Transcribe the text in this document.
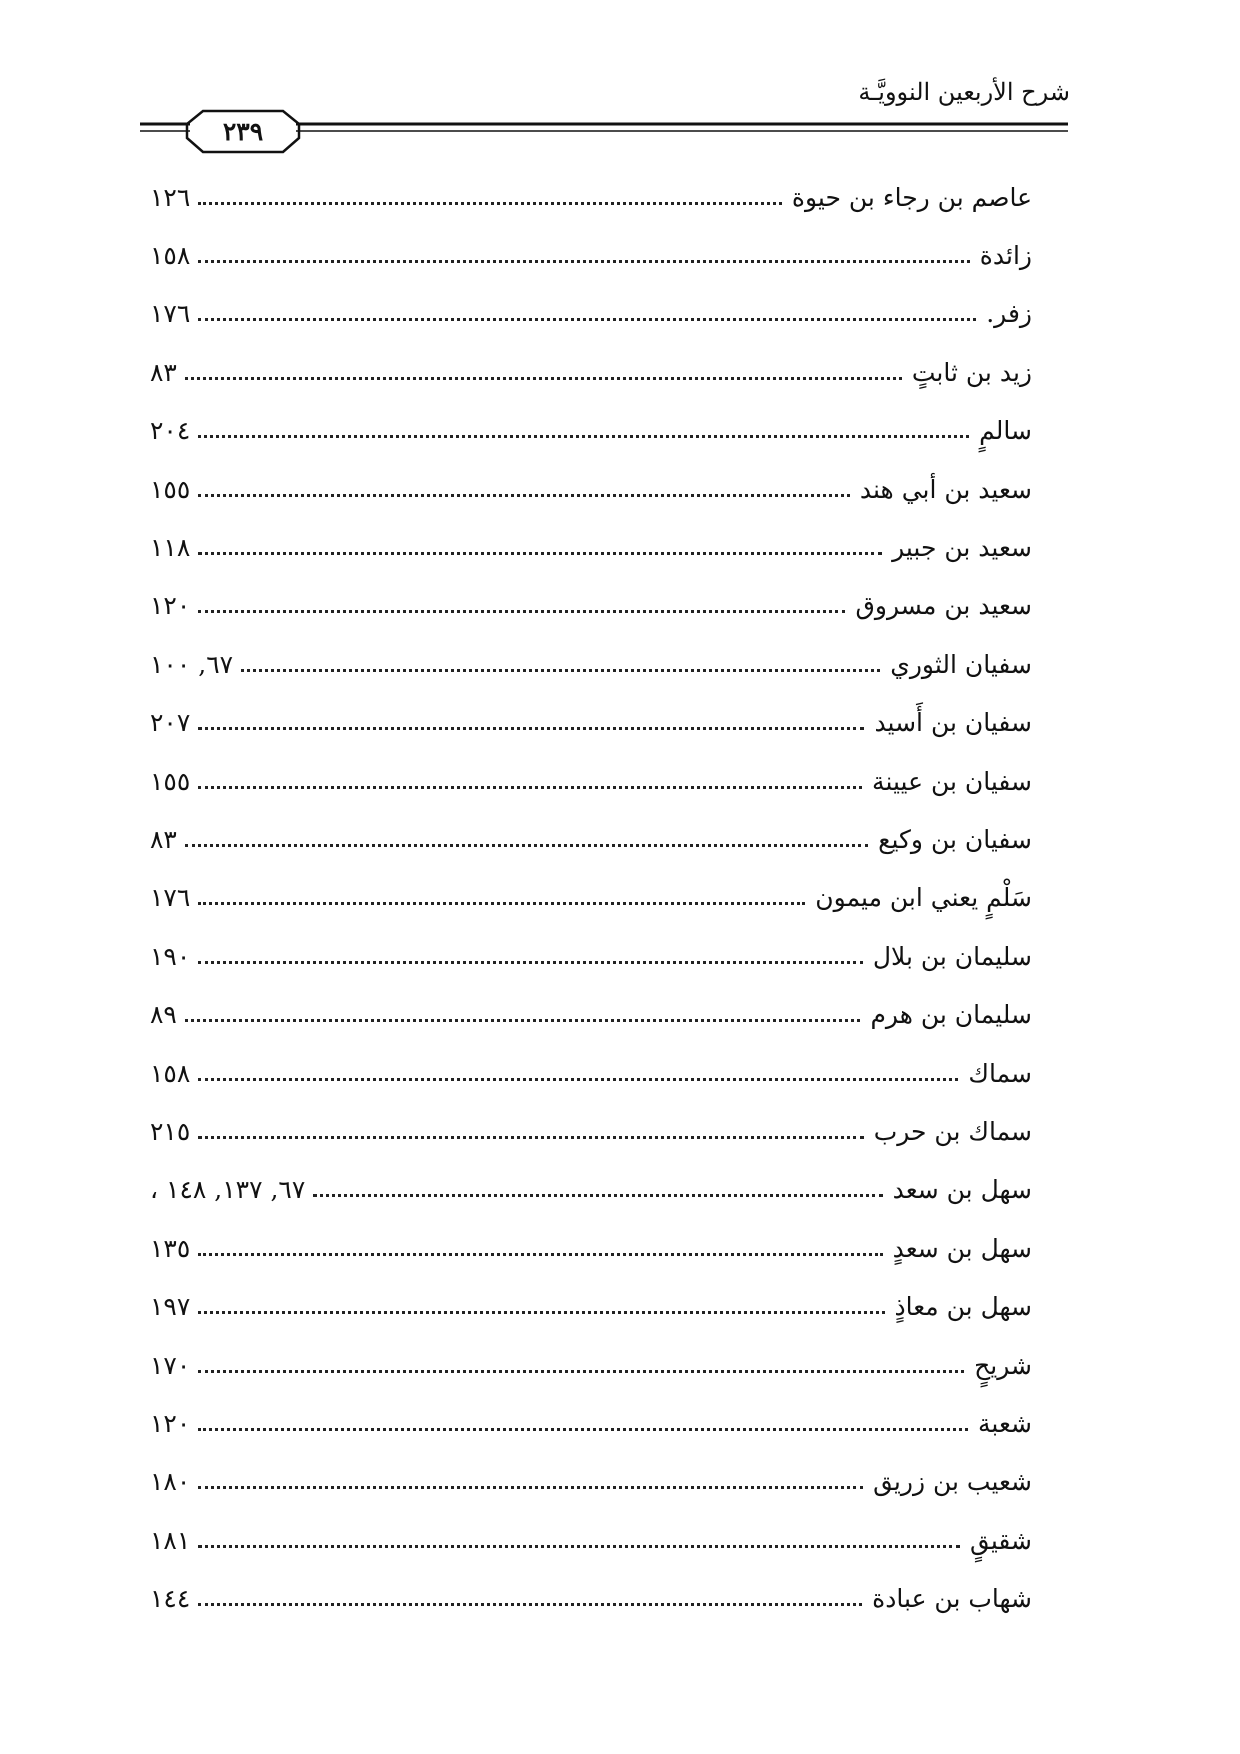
شرح الأربعين النوويَّـة
٢٣٩
عاصم بن رجاء بن حيوة
١٢٦
زائدة
١٥٨
زفر.
١٧٦
زيد بن ثابتٍ
٨٣
سالمٍ
٢٠٤
سعيد بن أبي هند
١٥٥
سعيد بن جبير
١١٨
سعيد بن مسروق
١٢٠
سفيان الثوري
٦٧, ١٠٠
سفيان بن أَسيد
٢٠٧
سفيان بن عيينة
١٥٥
سفيان بن وكيع
٨٣
سَلْمٍ يعني ابن ميمون
١٧٦
سليمان بن بلال
١٩٠
سليمان بن هرم
٨٩
سماك
١٥٨
سماك بن حرب
٢١٥
سهل بن سعد
٦٧, ١٣٧, ١٤٨ ،
سهل بن سعدٍ
١٣٥
سهل بن معاذٍ
١٩٧
شريحٍ
١٧٠
شعبة
١٢٠
شعيب بن زريق
١٨٠
شقيقٍ
١٨١
شهاب بن عبادة
١٤٤
